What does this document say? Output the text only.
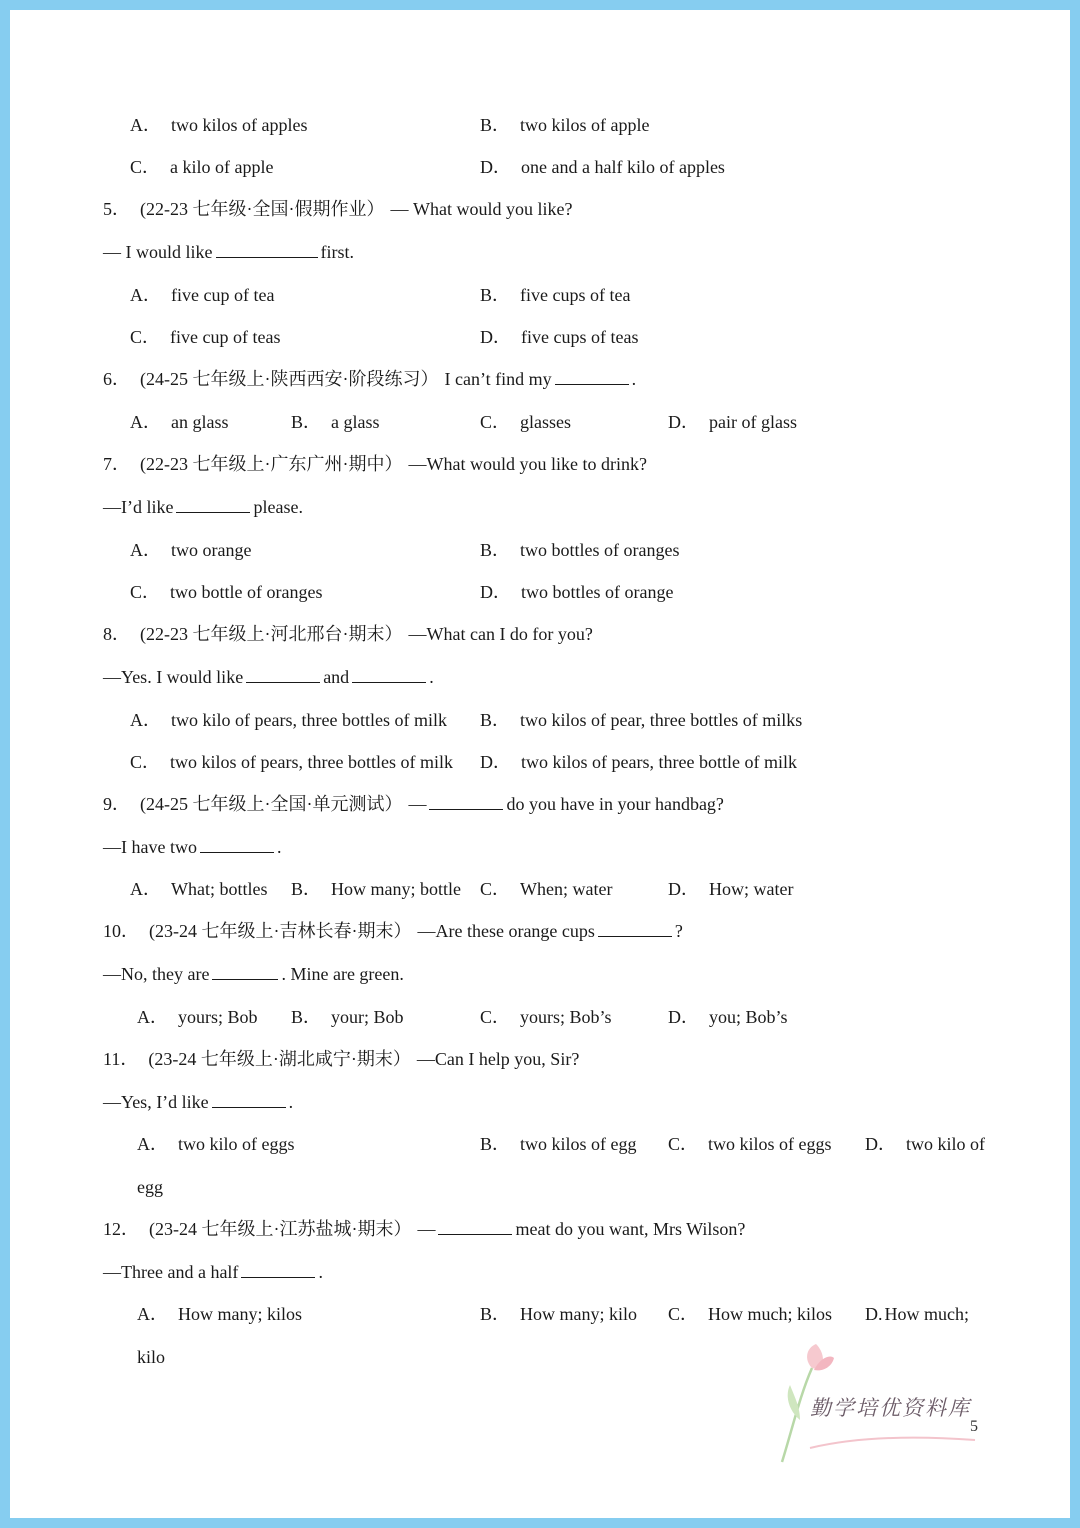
A． two kilos of apples	B． two kilos of apple
C． a kilo of apple	D． one and a half kilo of apples
5． (22-23 七年级·全国·假期作业） — What would you like?
— I would like	first.
A． five cup of tea	B． five cups of tea
C． five cup of teas	D． five cups of teas
6． (24-25 七年级上·陕西西安·阶段练习） I can’t find my	.
A． an glass	B． a glass	C． glasses	D． pair of glass
7． (22-23 七年级上·广东广州·期中） —What would you like to drink?
—I’d like	please.
A． two orange	B． two bottles of oranges
C． two bottle of oranges	D． two bottles of orange
8． (22-23 七年级上·河北邢台·期末） —What can I do for you?
—Yes. I would like	and	.
A． two kilo of pears, three bottles of milk B． two kilos of pear, three bottles of milks
C． two kilos of pears, three bottles of milk D． two kilos of pears, three bottle of milk
9． (24-25 七年级上·全国·单元测试） —	do you have in your handbag?
—I have two	.
A． What; bottles B． How many; bottle C． When; water	D． How; water
10． (23-24 七年级上·吉林长春·期末） —Are these orange cups	?
—No, they are	. Mine are green.
A． yours; Bob B． your; Bob	C． yours; Bob’s	D． you; Bob’s
11． (23-24 七年级上·湖北咸宁·期末） —Can I help you, Sir?
—Yes, I’d like	.
A． two kilo of eggs	B． two kilos of egg C． two kilos of eggs D． two kilo of
egg
12． (23-24 七年级上·江苏盐城·期末） —	meat do you want, Mrs Wilson?
—Three and a half	.
A． How many; kilos	B． How many; kilo C． How much; kilos D. How much;
kilo
勤学培优资料库
5
